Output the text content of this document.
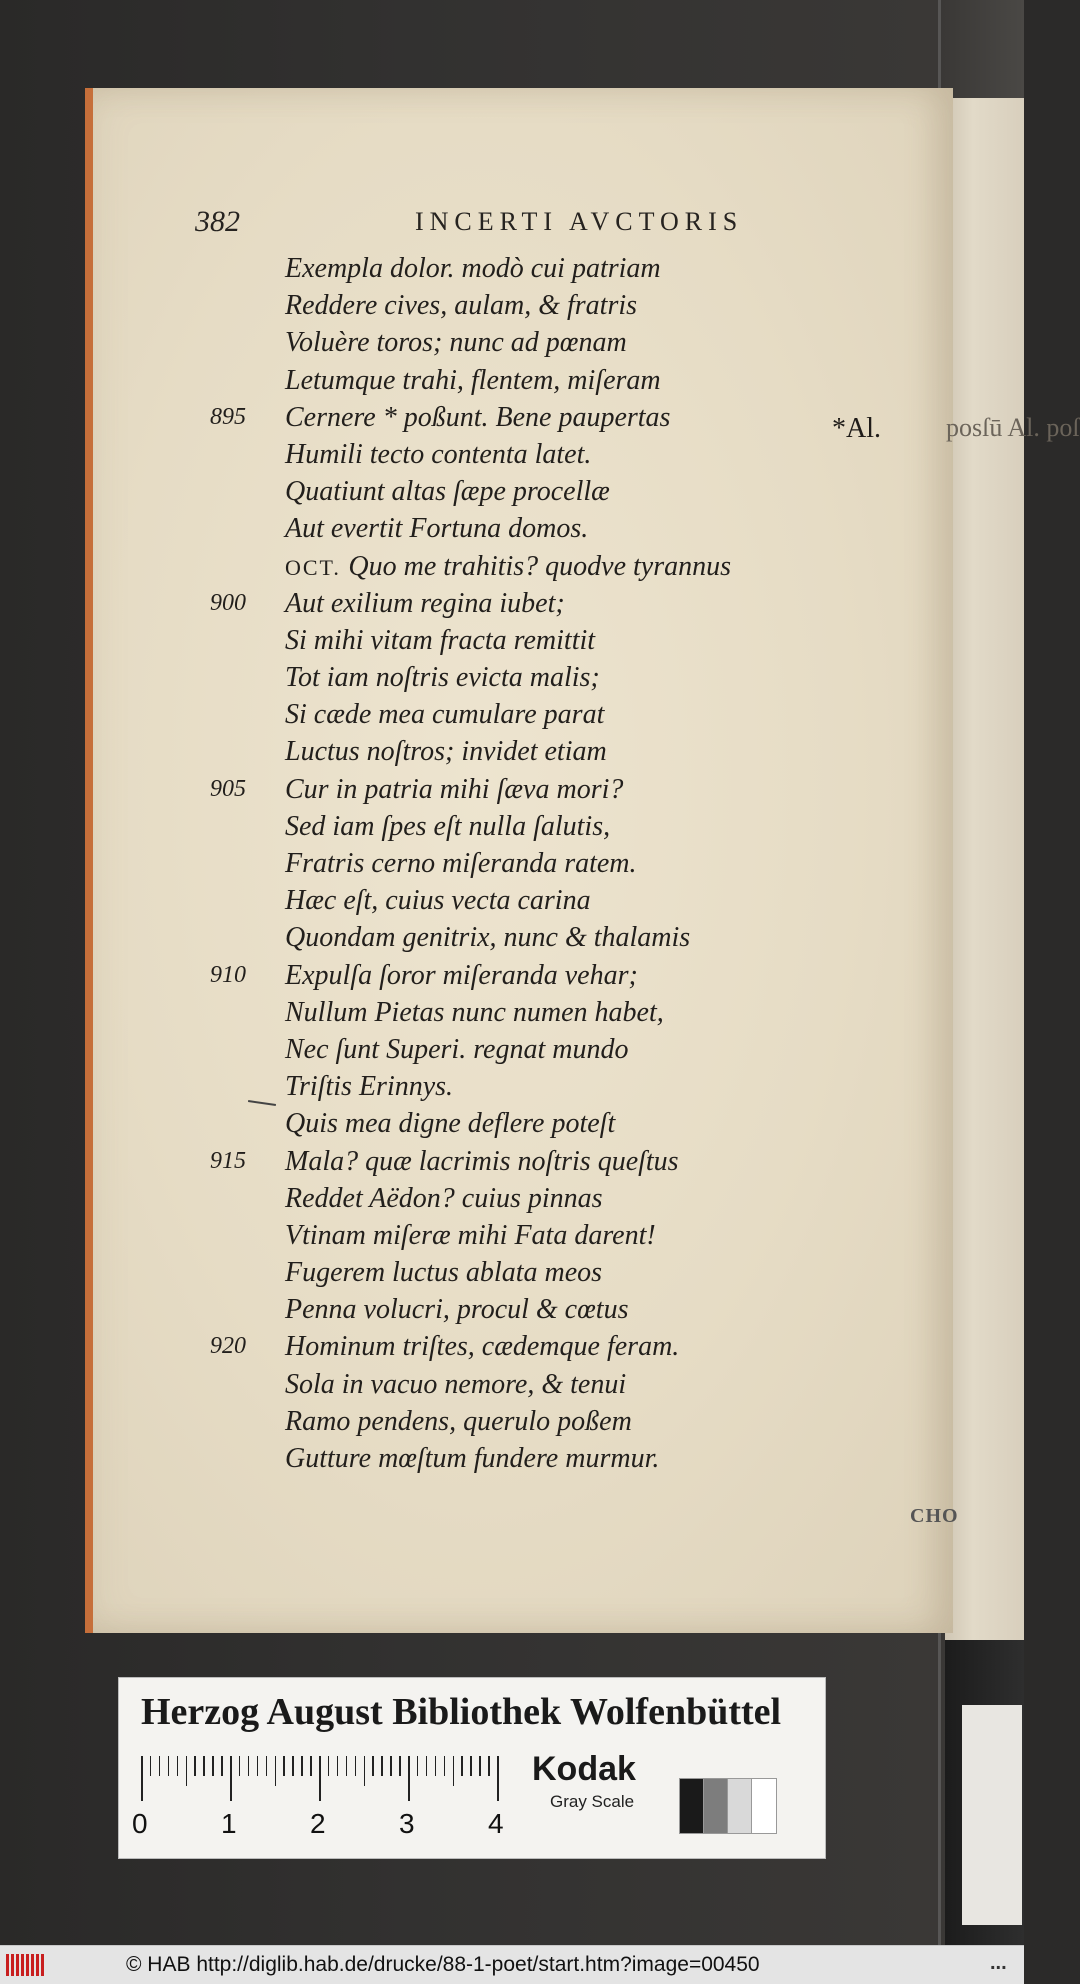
382	INCERTI AVCTORIS
Exempla dolor. modò cui patriam
Reddere cives, aulam, & fratris
Voluère toros; nunc ad pœnam
Letumque trahi, flentem, miſeram
895	Cernere * poßunt. Bene paupertas
Humili tecto contenta latet.
Quatiunt altas ſæpe procellæ
Aut evertit Fortuna domos.
OCT. Quo me trahitis? quodve tyrannus
900	Aut exilium regina iubet;
Si mihi vitam fracta remittit
Tot iam noſtris evicta malis;
Si cæde mea cumulare parat
Luctus noſtros; invidet etiam
905	Cur in patria mihi ſæva mori?
Sed iam ſpes eſt nulla ſalutis,
Fratris cerno miſeranda ratem.
Hæc eſt, cuius vecta carina
Quondam genitrix, nunc & thalamis
910	Expulſa ſoror miſeranda vehar;
Nullum Pietas nunc numen habet,
Nec ſunt Superi. regnat mundo
Triſtis Erinnys.
Quis mea digne deflere poteſt
915	Mala? quæ lacrimis noſtris queſtus
Reddet Aëdon? cuius pinnas
Vtinam miſeræ mihi Fata darent!
Fugerem luctus ablata meos
Penna volucri, procul & cœtus
920	Hominum triſtes, cædemque feram.
Sola in vacuo nemore, & tenui
Ramo pendens, querulo poßem
Gutture mœſtum fundere murmur.
*Al.	posſū Al. poſ
CHO
Herzog August Bibliothek Wolfenbüttel
0	1	2	3	4
Kodak
Gray Scale
© HAB http://diglib.hab.de/drucke/88-1-poet/start.htm?image=00450	...
